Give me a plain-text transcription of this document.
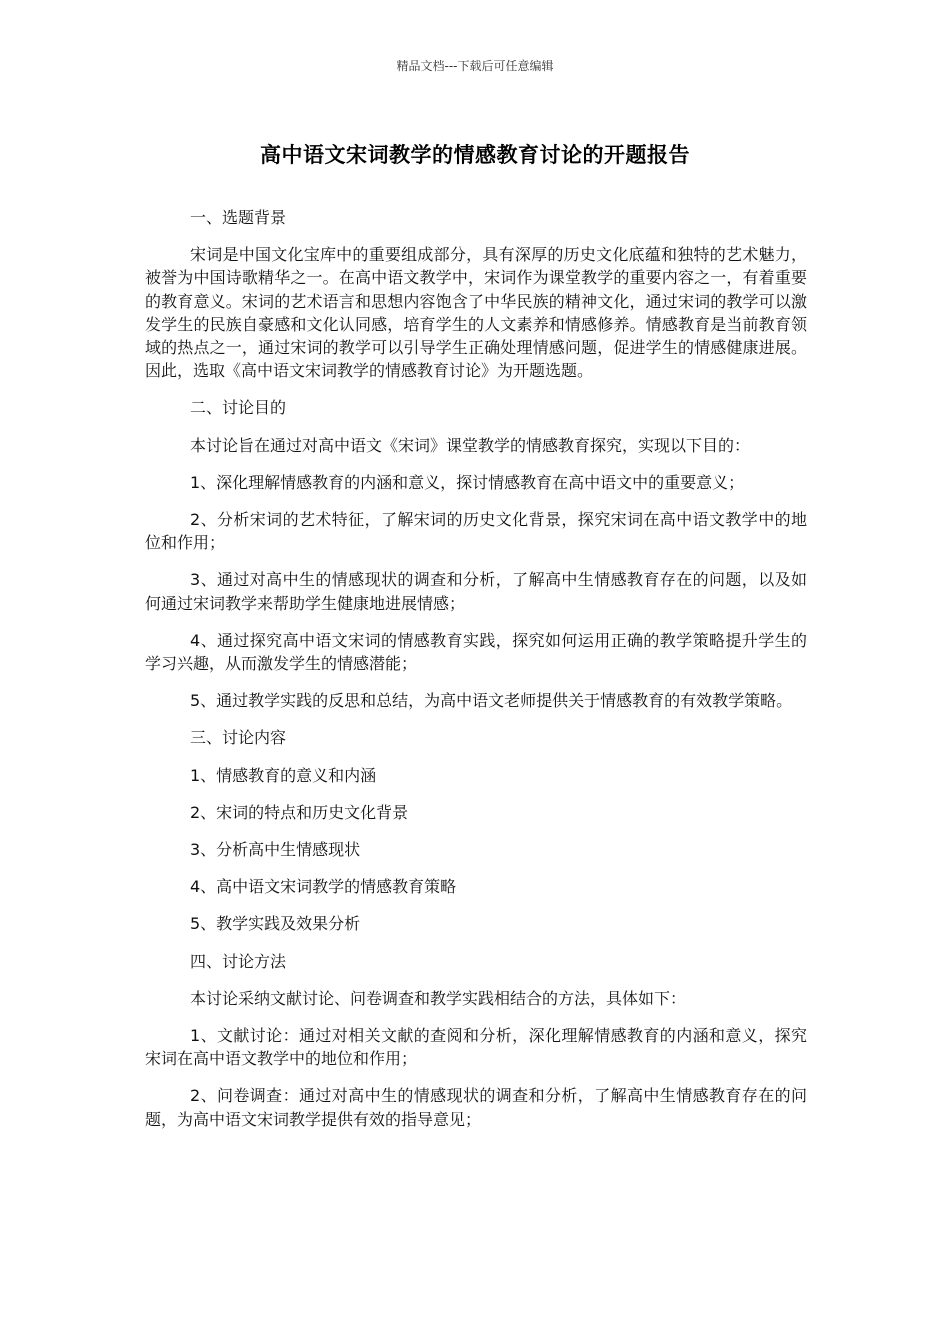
精品文档---下载后可任意编辑
高中语文宋词教学的情感教育讨论的开题报告

一、选题背景

宋词是中国文化宝库中的重要组成部分，具有深厚的历史文化底蕴和独特的艺术魅力，被誉为中国诗歌精华之一。在高中语文教学中，宋词作为课堂教学的重要内容之一，有着重要的教育意义。宋词的艺术语言和思想内容饱含了中华民族的精神文化，通过宋词的教学可以激发学生的民族自豪感和文化认同感，培育学生的人文素养和情感修养。情感教育是当前教育领域的热点之一，通过宋词的教学可以引导学生正确处理情感问题，促进学生的情感健康进展。因此，选取《高中语文宋词教学的情感教育讨论》为开题选题。

二、讨论目的

本讨论旨在通过对高中语文《宋词》课堂教学的情感教育探究，实现以下目的：

1、深化理解情感教育的内涵和意义，探讨情感教育在高中语文中的重要意义；

2、分析宋词的艺术特征，了解宋词的历史文化背景，探究宋词在高中语文教学中的地位和作用；

3、通过对高中生的情感现状的调查和分析，了解高中生情感教育存在的问题，以及如何通过宋词教学来帮助学生健康地进展情感；

4、通过探究高中语文宋词的情感教育实践，探究如何运用正确的教学策略提升学生的学习兴趣，从而激发学生的情感潜能；

5、通过教学实践的反思和总结，为高中语文老师提供关于情感教育的有效教学策略。

三、讨论内容

1、情感教育的意义和内涵

2、宋词的特点和历史文化背景

3、分析高中生情感现状

4、高中语文宋词教学的情感教育策略

5、教学实践及效果分析

四、讨论方法

本讨论采纳文献讨论、问卷调查和教学实践相结合的方法，具体如下：

1、文献讨论：通过对相关文献的查阅和分析，深化理解情感教育的内涵和意义，探究宋词在高中语文教学中的地位和作用；

2、问卷调查：通过对高中生的情感现状的调查和分析，了解高中生情感教育存在的问题，为高中语文宋词教学提供有效的指导意见；
